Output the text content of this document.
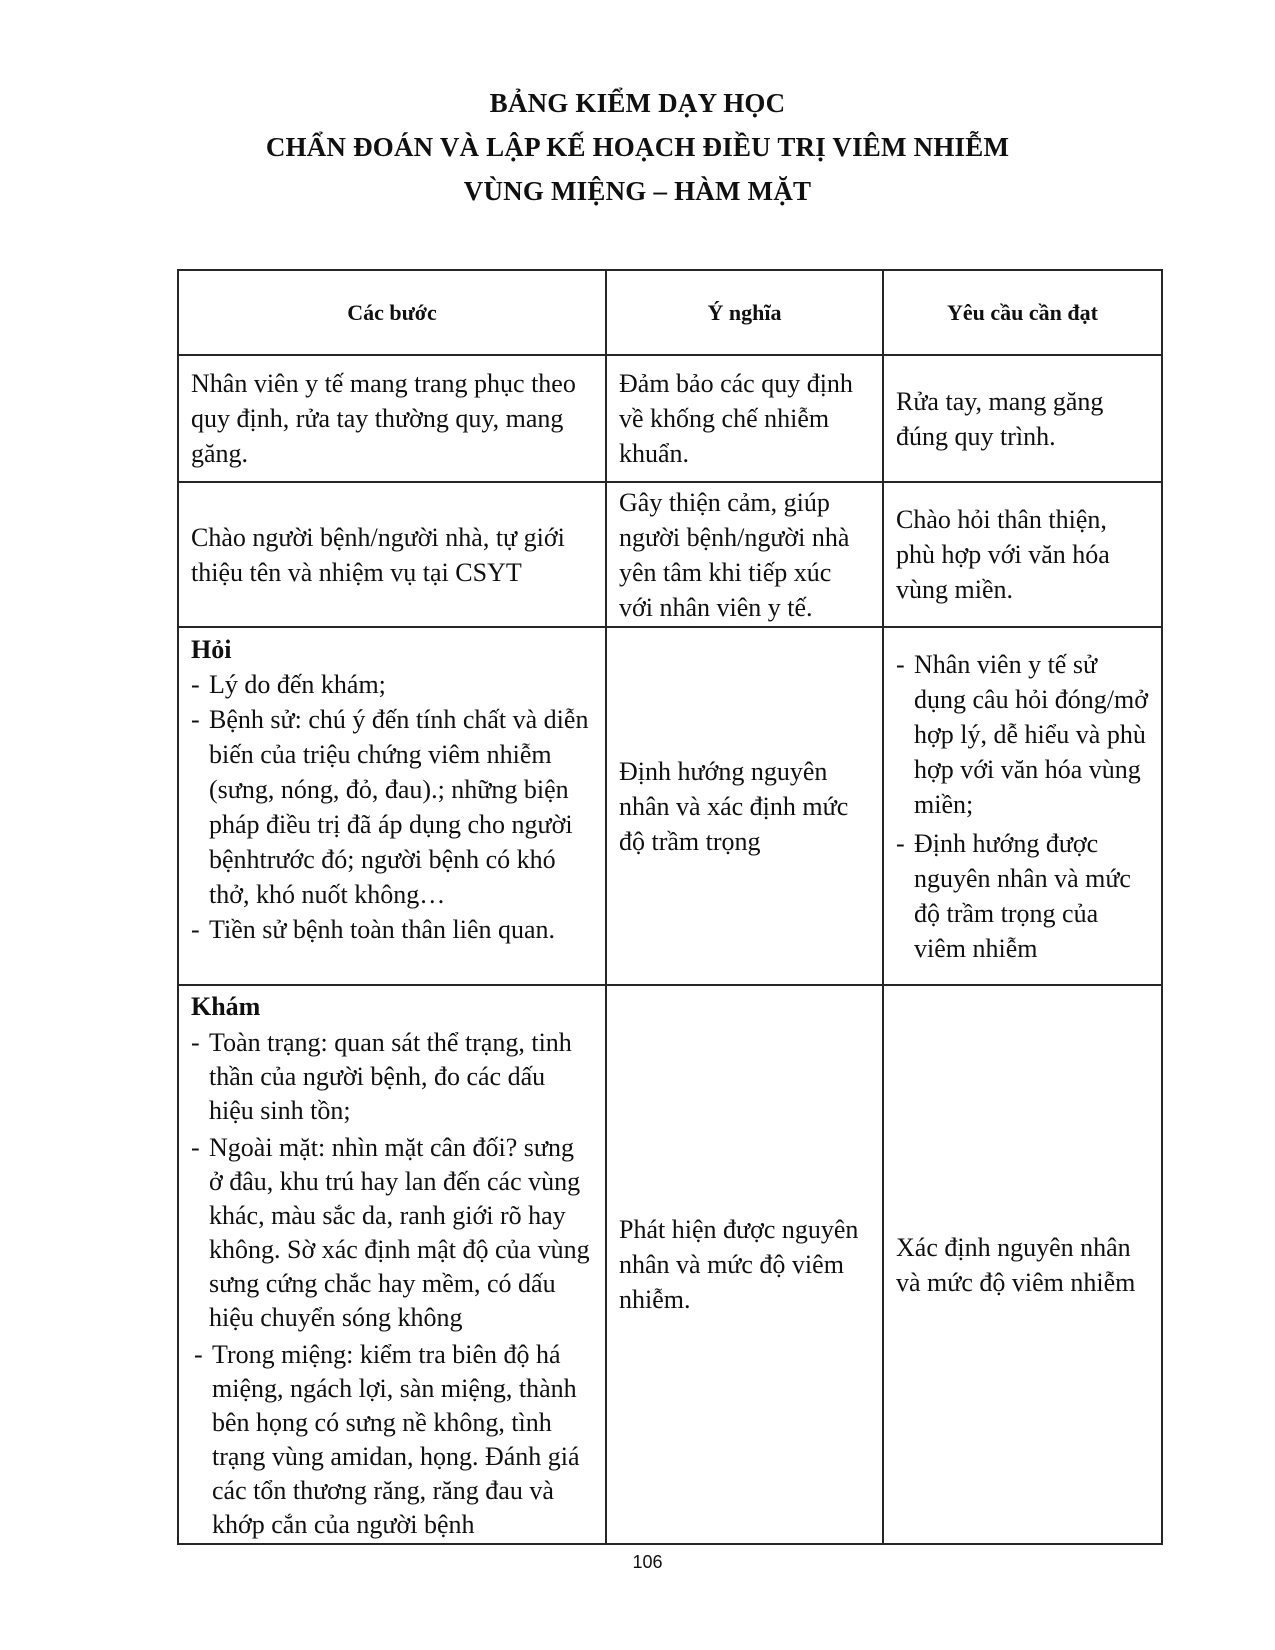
BẢNG KIỂM DẠY HỌC
CHẨN ĐOÁN VÀ LẬP KẾ HOẠCH ĐIỀU TRỊ VIÊM NHIỄM
VÙNG MIỆNG – HÀM MẶT
Các bước	Ý nghĩa	Yêu cầu cần đạt
Nhân viên y tế mang trang phục theo quy định, rửa tay thường quy, mang găng.
Đảm bảo các quy định về khống chế nhiễm khuẩn.
Rửa tay, mang găng đúng quy trình.
Chào người bệnh/người nhà, tự giới thiệu tên và nhiệm vụ tại CSYT
Gây thiện cảm, giúp người bệnh/người nhà yên tâm khi tiếp xúc với nhân viên y tế.
Chào hỏi thân thiện, phù hợp với văn hóa vùng miền.
Hỏi
- Lý do đến khám;
- Bệnh sử: chú ý đến tính chất và diễn biến của triệu chứng viêm nhiễm (sưng, nóng, đỏ, đau).; những biện pháp điều trị đã áp dụng cho người bệnhtrước đó; người bệnh có khó thở, khó nuốt không…
- Tiền sử bệnh toàn thân liên quan.
Định hướng nguyên nhân và xác định mức độ trầm trọng
- Nhân viên y tế sử dụng câu hỏi đóng/mở hợp lý, dễ hiểu và phù hợp với văn hóa vùng miền;
- Định hướng được nguyên nhân và mức độ trầm trọng của viêm nhiễm
Khám
- Toàn trạng: quan sát thể trạng, tinh thần của người bệnh, đo các dấu hiệu sinh tồn;
- Ngoài mặt: nhìn mặt cân đối? sưng ở đâu, khu trú hay lan đến các vùng khác, màu sắc da, ranh giới rõ hay không. Sờ xác định mật độ của vùng sưng cứng chắc hay mềm, có dấu hiệu chuyển sóng không
- Trong miệng: kiểm tra biên độ há miệng, ngách lợi, sàn miệng, thành bên họng có sưng nề không, tình trạng vùng amidan, họng. Đánh giá các tổn thương răng, răng đau và khớp cắn của người bệnh
Phát hiện được nguyên nhân và mức độ viêm nhiễm.
Xác định nguyên nhân và mức độ viêm nhiễm
106
